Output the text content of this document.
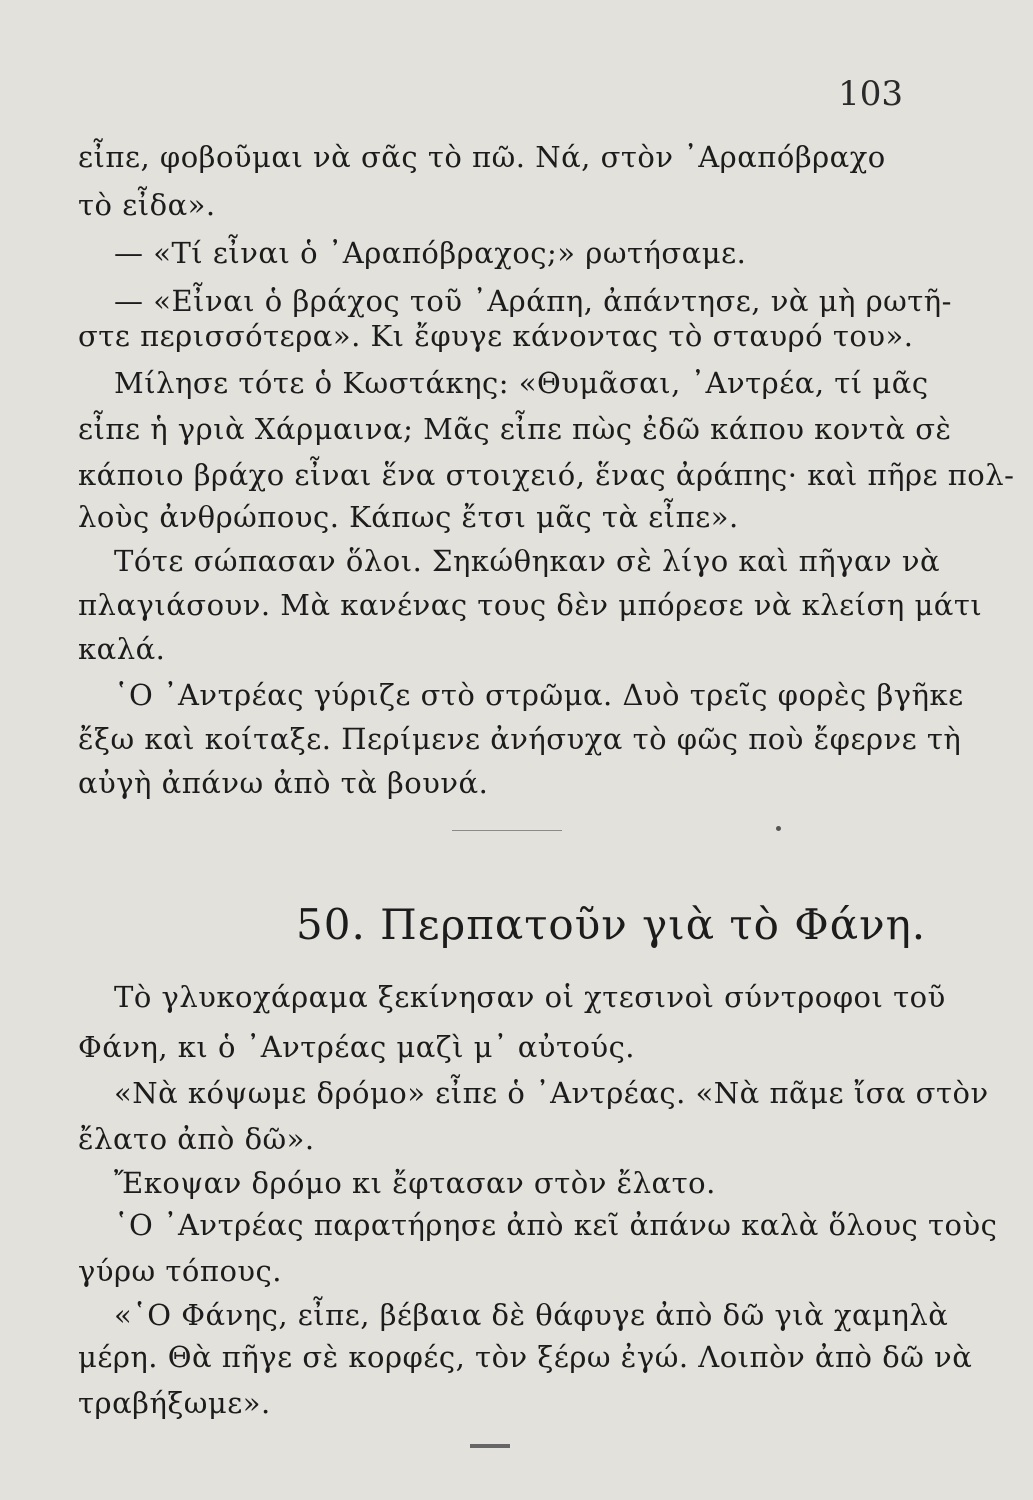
103
εἶπε, φοβοῦμαι νὰ σᾶς τὸ πῶ. Νά, στὸν ᾿Αραπόβραχο
τὸ εἶδα».
— «Τί εἶναι ὁ ᾿Αραπόβραχος;» ρωτήσαμε.
— «Εἶναι ὁ βράχος τοῦ ᾿Αράπη, ἀπάντησε, νὰ μὴ ρωτῆ-
στε περισσότερα». Κι ἔφυγε κάνοντας τὸ σταυρό του».
Μίλησε τότε ὁ Κωστάκης: «Θυμᾶσαι, ᾿Αντρέα, τί μᾶς
εἶπε ἡ γριὰ Χάρμαινα; Μᾶς εἶπε πὼς ἐδῶ κάπου κοντὰ σὲ
κάποιο βράχο εἶναι ἕνα στοιχειό, ἕνας ἀράπης· καὶ πῆρε πολ-
λοὺς ἀνθρώπους. Κάπως ἔτσι μᾶς τὰ εἶπε».
Τότε σώπασαν ὅλοι. Σηκώθηκαν σὲ λίγο καὶ πῆγαν νὰ
πλαγιάσουν. Μὰ κανένας τους δὲν μπόρεσε νὰ κλείση μάτι
καλά.
῾Ο ᾿Αντρέας γύριζε στὸ στρῶμα. Δυὸ τρεῖς φορὲς βγῆκε
ἔξω καὶ κοίταξε. Περίμενε ἀνήσυχα τὸ φῶς ποὺ ἔφερνε τὴ
αὐγὴ ἀπάνω ἀπὸ τὰ βουνά.
50. Περπατοῦν γιὰ τὸ Φάνη.
Τὸ γλυκοχάραμα ξεκίνησαν οἱ χτεσινοὶ σύντροφοι τοῦ
Φάνη, κι ὁ ᾿Αντρέας μαζὶ μ᾿ αὐτούς.
«Νὰ κόψωμε δρόμο» εἶπε ὁ ᾿Αντρέας. «Νὰ πᾶμε ἴσα στὸν
ἔλατο ἀπὸ δῶ».
Ἔκοψαν δρόμο κι ἔφτασαν στὸν ἔλατο.
῾Ο ᾿Αντρέας παρατήρησε ἀπὸ κεῖ ἀπάνω καλὰ ὅλους τοὺς
γύρω τόπους.
«῾Ο Φάνης, εἶπε, βέβαια δὲ θάφυγε ἀπὸ δῶ γιὰ χαμηλὰ
μέρη. Θὰ πῆγε σὲ κορφές, τὸν ξέρω ἐγώ. Λοιπὸν ἀπὸ δῶ νὰ
τραβήξωμε».
